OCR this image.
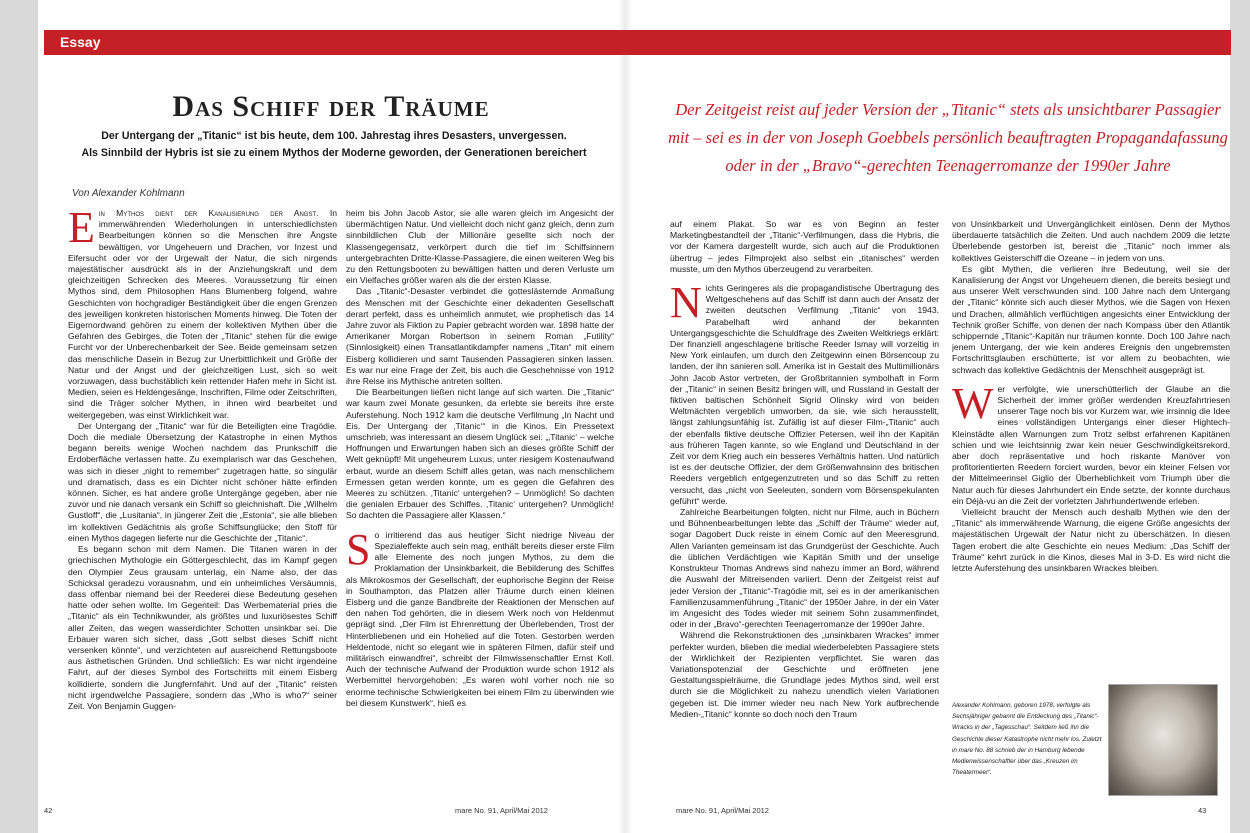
Essay
Das Schiff der Träume
Der Untergang der „Titanic“ ist bis heute, dem 100. Jahrestag ihres Desasters, unvergessen.
Als Sinnbild der Hybris ist sie zu einem Mythos der Moderne geworden, der Generationen bereichert
Von Alexander Kohlmann
Der Zeitgeist reist auf jeder Version der „Titanic“ stets als unsichtbarer Passagier mit – sei es in der von Joseph Goebbels persönlich beauftragten Propagandafassung oder in der „Bravo“-gerechten Teenagerromanze der 1990er Jahre

Ein Mythos dient der Kanalisierung der Angst. In immerwährenden Wiederholungen in unterschiedlichsten Bearbeitungen können so die Menschen ihre Ängste bewältigen, vor Ungeheuern und Drachen, vor Inzest und Eifersucht oder vor der Urgewalt der Natur, die sich nirgends majestätischer ausdrückt als in der Anziehungskraft und dem gleichzeitigen Schrecken des Meeres. Voraussetzung für einen Mythos sind, dem Philosophen Hans Blumenberg folgend, wahre Geschichten von hochgradiger Beständigkeit über die engen Grenzen des jeweiligen konkreten historischen Moments hinweg. Die Toten der Eigernordwand gehören zu einem der kollektiven Mythen über die Gefahren des Gebirges, die Toten der „Titanic“ stehen für die ewige Furcht vor der Unberechenbarkeit der See. Beide gemeinsam setzen das menschliche Dasein in Bezug zur Unerbittlichkeit und Größe der Natur und der Angst und der gleichzeitigen Lust, sich so weit vorzuwagen, dass buchstäblich kein rettender Hafen mehr in Sicht ist. Medien, seien es Heldengesänge, Inschriften, Filme oder Zeitschriften, sind die Träger solcher Mythen, in ihnen wird bearbeitet und weitergegeben, was einst Wirklichkeit war.

Der Untergang der „Titanic“ war für die Beteiligten eine Tragödie. Doch die mediale Übersetzung der Katastrophe in einen Mythos begann bereits wenige Wochen nachdem das Prunkschiff die Erdoberfläche verlassen hatte. Zu exemplarisch war das Geschehen, was sich in dieser „night to remember“ zugetragen hatte, so singulär und dramatisch, dass es ein Dichter nicht schöner hätte erfinden können. Sicher, es hat andere große Untergänge gegeben, aber nie zuvor und nie danach versank ein Schiff so gleichnishaft. Die „Wilhelm Gustloff“, die „Lusitania“, in jüngerer Zeit die „Estonia“, sie alle blieben im kollektiven Gedächtnis als große Schiffsunglücke; den Stoff für einen Mythos dagegen lieferte nur die Geschichte der „Titanic“.

Es begann schon mit dem Namen. Die Titanen waren in der griechischen Mythologie ein Göttergeschlecht, das im Kampf gegen den Olympier Zeus grausam unterlag, ein Name also, der das Schicksal geradezu vorausnahm, und ein unheimliches Versäumnis, dass offenbar niemand bei der Reederei diese Bedeutung gesehen hatte oder sehen wollte. Im Gegenteil: Das Werbematerial pries die „Titanic“ als ein Technikwunder, als größtes und luxuriösestes Schiff aller Zeiten, das wegen wasserdichter Schotten unsinkbar sei. Die Erbauer waren sich sicher, dass „Gott selbst dieses Schiff nicht versenken könnte“, und verzichteten auf ausreichend Rettungsboote aus ästhetischen Gründen. Und schließlich: Es war nicht irgendeine Fahrt, auf der dieses Symbol des Fortschritts mit einem Eisberg kollidierte, sondern die Jungfernfahrt. Und auf der „Titanic“ reisten nicht irgendwelche Passagiere, sondern das „Who is who?“ seiner Zeit. Von Benjamin Guggen-

heim bis John Jacob Astor, sie alle waren gleich im Angesicht der übermächtigen Natur. Und vielleicht doch nicht ganz gleich, denn zum sinnbildlichen Club der Millionäre gesellte sich noch der Klassengegensatz, verkörpert durch die tief im Schiffsinnern untergebrachten Dritte-Klasse-Passagiere, die einen weiteren Weg bis zu den Rettungsbooten zu bewältigen hatten und deren Verluste um ein Vielfaches größer waren als die der ersten Klasse.

Das „Titanic“-Desaster verbindet die gotteslästernde Anmaßung des Menschen mit der Geschichte einer dekadenten Gesellschaft derart perfekt, dass es unheimlich anmutet, wie prophetisch das 14 Jahre zuvor als Fiktion zu Papier gebracht worden war. 1898 hatte der Amerikaner Morgan Robertson in seinem Roman „Futility“ (Sinnlosigkeit) einen Transatlantikdampfer namens „Titan“ mit einem Eisberg kollidieren und samt Tausenden Passagieren sinken lassen. Es war nur eine Frage der Zeit, bis auch die Geschehnisse von 1912 ihre Reise ins Mythische antreten sollten.

Die Bearbeitungen ließen nicht lange auf sich warten. Die „Titanic“ war kaum zwei Monate gesunken, da erlebte sie bereits ihre erste Auferstehung. Noch 1912 kam die deutsche Verfilmung „In Nacht und Eis. Der Untergang der ‚Titanic‘“ in die Kinos. Ein Pressetext umschrieb, was interessant an diesem Unglück sei: „‚Titanic‘ – welche Hoffnungen und Erwartungen haben sich an dieses größte Schiff der Welt geknüpft! Mit ungeheurem Luxus, unter riesigem Kostenaufwand erbaut, wurde an diesem Schiff alles getan, was nach menschlichem Ermessen getan werden konnte, um es gegen die Gefahren des Meeres zu schützen. ‚Titanic‘ untergehen? – Unmöglich! So dachten die genialen Erbauer des Schiffes. ‚Titanic‘ untergehen? Unmöglich! So dachten die Passagiere aller Klassen.“

So irritierend das aus heutiger Sicht niedrige Niveau der Spezialeffekte auch sein mag, enthält bereits dieser erste Film alle Elemente des noch jungen Mythos, zu dem die Proklamation der Unsinkbarkeit, die Bebilderung des Schiffes als Mikrokosmos der Gesellschaft, der euphorische Beginn der Reise in Southampton, das Platzen aller Träume durch einen kleinen Eisberg und die ganze Bandbreite der Reaktionen der Menschen auf den nahen Tod gehörten, die in diesem Werk noch von Heldenmut geprägt sind. „Der Film ist Ehrenrettung der Überlebenden, Trost der Hinterbliebenen und ein Hohelied auf die Toten. Gestorben werden Heldentode, nicht so elegant wie in späteren Filmen, dafür steif und militärisch einwandfrei“, schreibt der Filmwissenschaftler Ernst Koll. Auch der technische Aufwand der Produktion wurde schon 1912 als Werbemittel hervorgehoben: „Es waren wohl vorher noch nie so enorme technische Schwierigkeiten bei einem Film zu überwinden wie bei diesem Kunstwerk“, hieß es

auf einem Plakat. So war es von Beginn an fester Marketingbestandteil der „Titanic“-Verfilmungen, dass die Hybris, die vor der Kamera dargestellt wurde, sich auch auf die Produktionen übertrug – jedes Filmprojekt also selbst ein „titanisches“ werden musste, um den Mythos überzeugend zu verarbeiten.

Nichts Geringeres als die propagandistische Übertragung des Weltgeschehens auf das Schiff ist dann auch der Ansatz der zweiten deutschen Verfilmung „Titanic“ von 1943. Parabelhaft wird anhand der bekannten Untergangsgeschichte die Schuldfrage des Zweiten Weltkriegs erklärt: Der finanziell angeschlagene britische Reeder Ismay will vorzeitig in New York einlaufen, um durch den Zeitgewinn einen Börsencoup zu landen, der ihn sanieren soll. Amerika ist in Gestalt des Multimillionärs John Jacob Astor vertreten, der Großbritannien symbolhaft in Form der „Titanic“ in seinen Besitz bringen will, und Russland in Gestalt der fiktiven baltischen Schönheit Sigrid Olinsky wird von beiden Weltmächten vergeblich umworben, da sie, wie sich herausstellt, längst zahlungsunfähig ist. Zufällig ist auf dieser Film-„Titanic“ auch der ebenfalls fiktive deutsche Offizier Petersen, weil ihn der Kapitän aus früheren Tagen kannte, so wie England und Deutschland in der Zeit vor dem Krieg auch ein besseres Verhältnis hatten. Und natürlich ist es der deutsche Offizier, der dem Größenwahnsinn des britischen Reeders vergeblich entgegenzutreten und so das Schiff zu retten versucht, das „nicht von Seeleuten, sondern vom Börsenspekulanten geführt“ werde.

Zahlreiche Bearbeitungen folgten, nicht nur Filme, auch in Büchern und Bühnenbearbeitungen lebte das „Schiff der Träume“ wieder auf, sogar Dagobert Duck reiste in einem Comic auf den Meeresgrund. Allen Varianten gemeinsam ist das Grundgerüst der Geschichte. Auch die üblichen Verdächtigen wie Kapitän Smith und der unselige Konstrukteur Thomas Andrews sind nahezu immer an Bord, während die Auswahl der Mitreisenden variiert. Denn der Zeitgeist reist auf jeder Version der „Titanic“-Tragödie mit, sei es in der amerikanischen Familienzusammenführung „Titanic“ der 1950er Jahre, in der ein Vater im Angesicht des Todes wieder mit seinem Sohn zusammenfindet, oder in der „Bravo“-gerechten Teenagerromanze der 1990er Jahre.

Während die Rekonstruktionen des „unsinkbaren Wrackes“ immer perfekter wurden, blieben die medial wiederbelebten Passagiere stets der Wirklichkeit der Rezipienten verpflichtet. Sie waren das Variationspotenzial der Geschichte und eröffneten jene Gestaltungsspielräume, die Grundlage jedes Mythos sind, weil erst durch sie die Möglichkeit zu nahezu unendlich vielen Variationen gegeben ist. Die immer wieder neu nach New York aufbrechende Medien-„Titanic“ konnte so doch noch den Traum

von Unsinkbarkeit und Unvergänglichkeit einlösen. Denn der Mythos überdauerte tatsächlich die Zeiten. Und auch nachdem 2009 die letzte Überlebende gestorben ist, bereist die „Titanic“ noch immer als kollektives Geisterschiff die Ozeane – in jedem von uns.

Es gibt Mythen, die verlieren ihre Bedeutung, weil sie der Kanalisierung der Angst vor Ungeheuern dienen, die bereits besiegt und aus unserer Welt verschwunden sind. 100 Jahre nach dem Untergang der „Titanic“ könnte sich auch dieser Mythos, wie die Sagen von Hexen und Drachen, allmählich verflüchtigen angesichts einer Entwicklung der Technik großer Schiffe, von denen der nach Kompass über den Atlantik schippernde „Titanic“-Kapitän nur träumen konnte. Doch 100 Jahre nach jenem Untergang, der wie kein anderes Ereignis den ungebremsten Fortschrittsglauben erschütterte, ist vor allem zu beobachten, wie schwach das kollektive Gedächtnis der Menschheit ausgeprägt ist.

Wer verfolgte, wie unerschütterlich der Glaube an die Sicherheit der immer größer werdenden Kreuzfahrtriesen unserer Tage noch bis vor Kurzem war, wie irrsinnig die Idee eines vollständigen Untergangs einer dieser Hightech-Kleinstädte allen Warnungen zum Trotz selbst erfahrenen Kapitänen schien und wie leichtsinnig zwar kein neuer Geschwindigkeitsrekord, aber doch repräsentative und hoch riskante Manöver von profitorientierten Reedern forciert wurden, bevor ein kleiner Felsen vor der Mittelmeerinsel Giglio der Überheblichkeit vom Triumph über die Natur auch für dieses Jahrhundert ein Ende setzte, der konnte durchaus ein Déjà-vu an die Zeit der vorletzten Jahrhundertwende erleben.

Vielleicht braucht der Mensch auch deshalb Mythen wie den der „Titanic“ als immerwährende Warnung, die eigene Größe angesichts der majestätischen Urgewalt der Natur nicht zu überschätzen. In diesen Tagen erobert die alte Geschichte ein neues Medium: „Das Schiff der Träume“ kehrt zurück in die Kinos, dieses Mal in 3-D. Es wird nicht die letzte Auferstehung des unsinkbaren Wrackes bleiben.

Alexander Kohlmann, geboren 1978, verfolgte als Sechsjähriger gebannt die Entdeckung des „Titanic“-Wracks in der „Tagesschau“. Seitdem ließ ihn die Geschichte dieser Katastrophe nicht mehr los. Zuletzt in mare No. 88 schrieb der in Hamburg lebende Medienwissenschaftler über das „Kreuzen im Theatermeer“.
42	mare No. 91, April/Mai 2012	mare No. 91, April/Mai 2012	43
